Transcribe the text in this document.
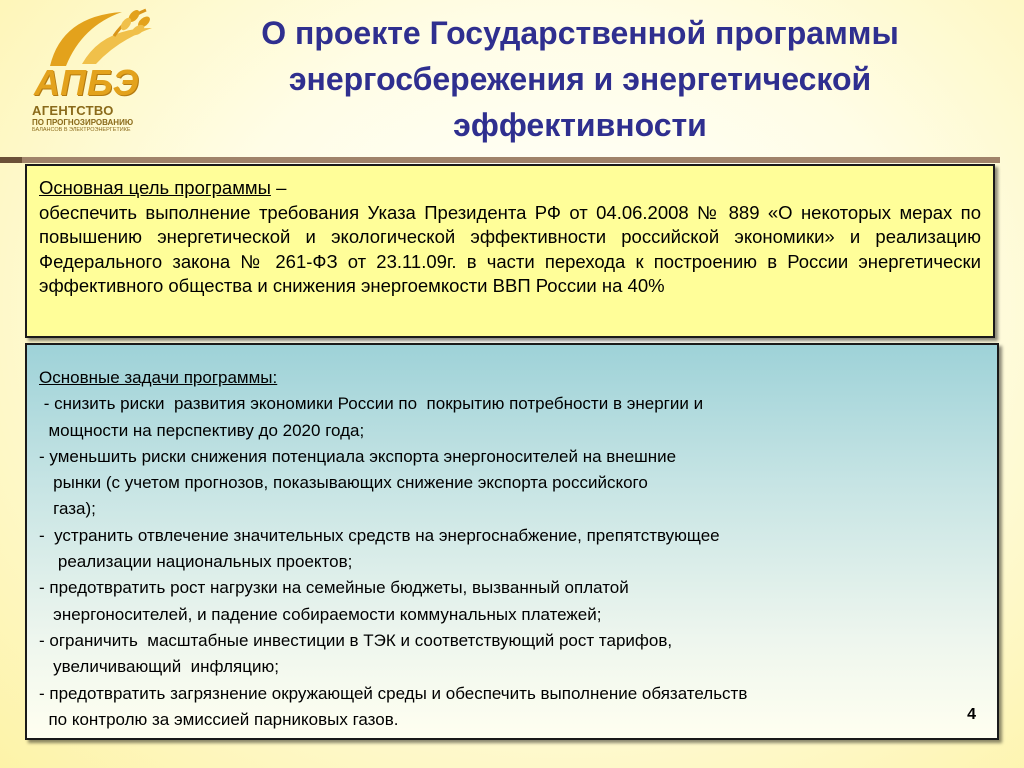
АПБЭ
АГЕНТСТВО
ПО ПРОГНОЗИРОВАНИЮ
БАЛАНСОВ В ЭЛЕКТРОЭНЕРГЕТИКЕ
О проекте Государственной программы
энергосбережения и энергетической
эффективности
Основная цель программы –
обеспечить выполнение требования Указа Президента РФ от 04.06.2008 № 889 «О некоторых мерах по повышению энергетической и экологической эффективности российской экономики» и реализацию Федерального закона № 261-ФЗ от 23.11.09г. в части перехода к построению в России энергетически эффективного общества и снижения энергоемкости ВВП России на 40%
Основные задачи программы:
- снизить риски  развития экономики России по  покрытию потребности в энергии и
мощности на перспективу до 2020 года;
- уменьшить риски снижения потенциала экспорта энергоносителей на внешние
рынки (с учетом прогнозов, показывающих снижение экспорта российского
газа);
-  устранить отвлечение значительных средств на энергоснабжение, препятствующее
реализации национальных проектов;
- предотвратить рост нагрузки на семейные бюджеты, вызванный оплатой
энергоносителей, и падение собираемости коммунальных платежей;
- ограничить  масштабные инвестиции в ТЭК и соответствующий рост тарифов,
увеличивающий  инфляцию;
- предотвратить загрязнение окружающей среды и обеспечить выполнение обязательств
по контролю за эмиссией парниковых газов.	4
